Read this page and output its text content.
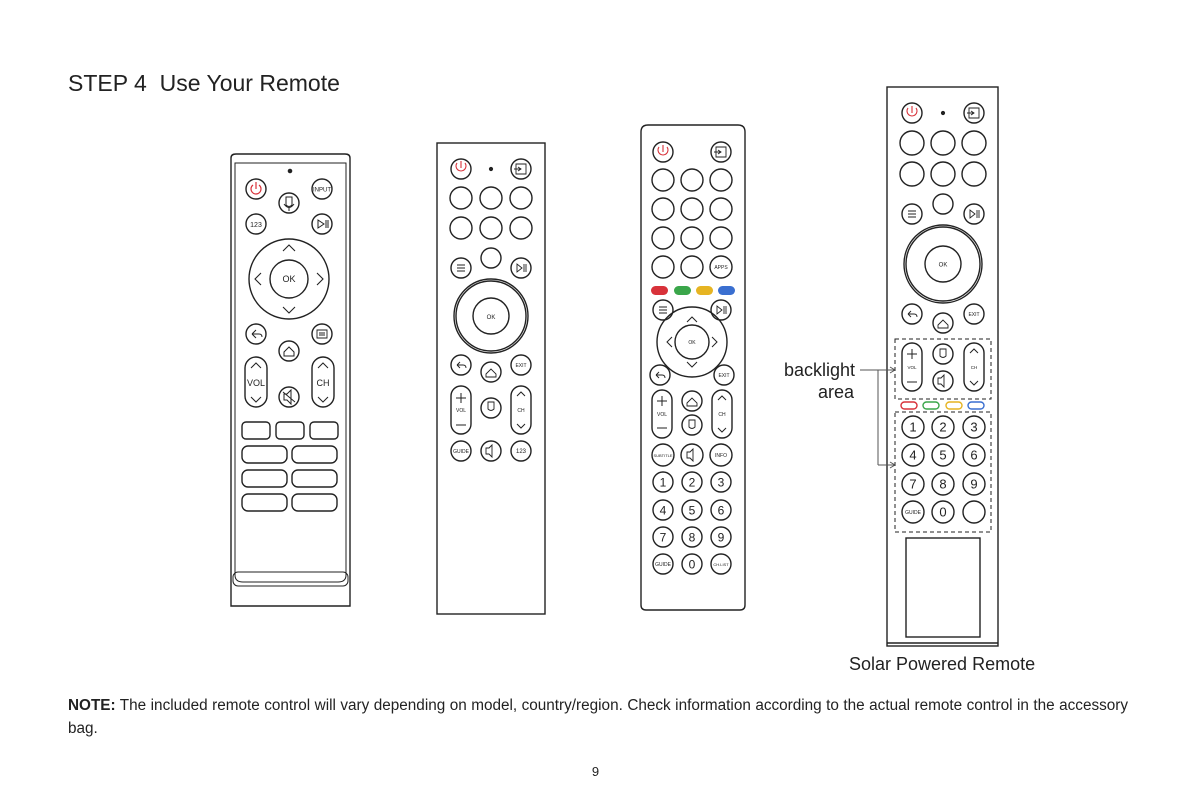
STEP 4  Use Your Remote
INPUT
123
OK
VOL	CH
OK
EXIT
VOL	CH
GUIDE	123
APPS
OK
EXIT
VOL	CH
SUBTITLE	INFO
GUIDE	CH.LIST
1 2 3
4 5 6
7 8 9
0
OK
EXIT
VOL	CH
GUIDE
1 2 3
4 5 6
7 8 9
0
backlight
area
Solar Powered Remote
NOTE: The included remote control will vary depending on model, country/region. Check information according to the actual remote control in the accessory bag.
9
